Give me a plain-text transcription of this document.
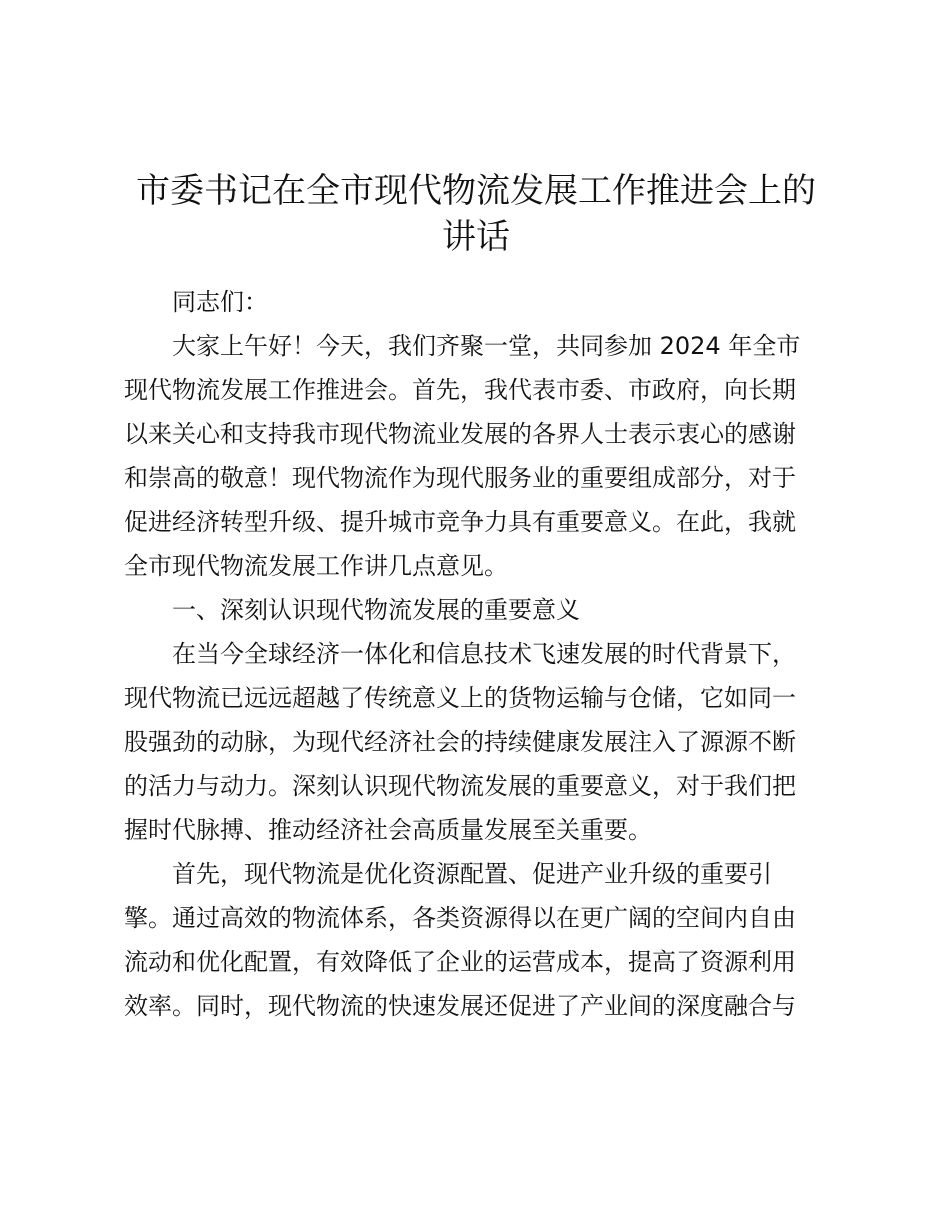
市委书记在全市现代物流发展工作推进会上的
讲话

同志们：

大家上午好！今天，我们齐聚一堂，共同参加 2024 年全市
现代物流发展工作推进会。首先，我代表市委、市政府，向长期
以来关心和支持我市现代物流业发展的各界人士表示衷心的感谢
和崇高的敬意！现代物流作为现代服务业的重要组成部分，对于
促进经济转型升级、提升城市竞争力具有重要意义。在此，我就
全市现代物流发展工作讲几点意见。

一、深刻认识现代物流发展的重要意义

在当今全球经济一体化和信息技术飞速发展的时代背景下，
现代物流已远远超越了传统意义上的货物运输与仓储，它如同一
股强劲的动脉，为现代经济社会的持续健康发展注入了源源不断
的活力与动力。深刻认识现代物流发展的重要意义，对于我们把
握时代脉搏、推动经济社会高质量发展至关重要。

首先，现代物流是优化资源配置、促进产业升级的重要引
擎。通过高效的物流体系，各类资源得以在更广阔的空间内自由
流动和优化配置，有效降低了企业的运营成本，提高了资源利用
效率。同时，现代物流的快速发展还促进了产业间的深度融合与
